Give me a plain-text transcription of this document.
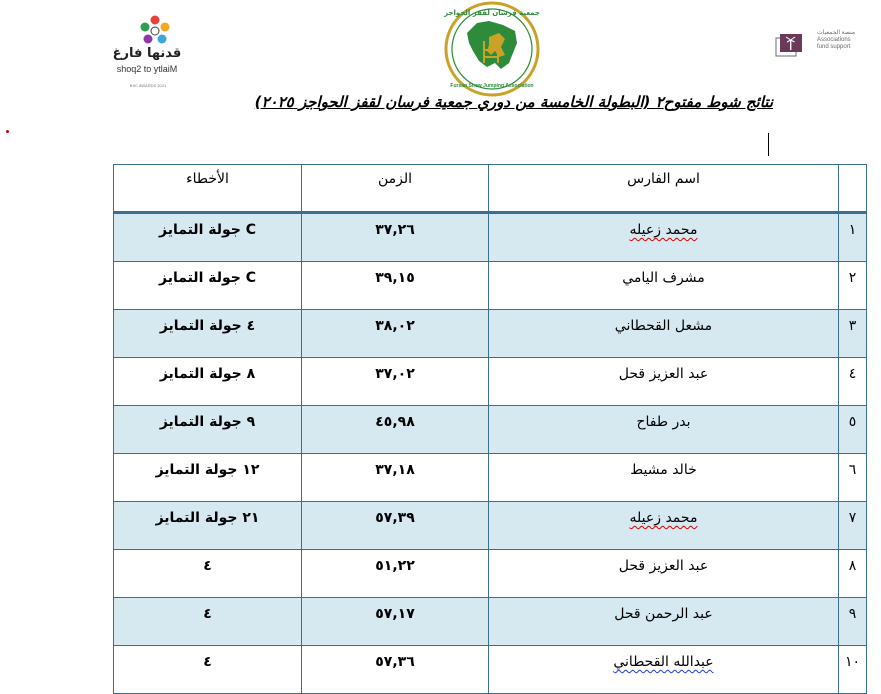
قدنها فارغ
shoq2 to ytlaiM
BSC AWARDS 2021
جمعية فرسان لقفز الحواجز
Fursan Show Jumping Association
منصة الجمعيات
Associations
fund support
نتائج شوط مفتوح٢ (البطولة الخامسة من دوري جمعية فرسان لقفز الحواجز ٢٠٢٥)
	اسم الفارس	الزمن	الأخطاء
١	محمد زعيله	٣٧,٢٦	C جولة التمايز
٢	مشرف اليامي	٣٩,١٥	C جولة التمايز
٣	مشعل القحطاني	٣٨,٠٢	٤ جولة التمايز
٤	عبد العزيز قحل	٣٧,٠٢	٨ جولة التمايز
٥	بدر طفاح	٤٥,٩٨	٩ جولة التمايز
٦	خالد مشيط	٣٧,١٨	١٢ جولة التمايز
٧	محمد زعيله	٥٧,٣٩	٢١ جولة التمايز
٨	عبد العزيز قحل	٥١,٢٢	٤
٩	عبد الرحمن قحل	٥٧,١٧	٤
١٠	عبدالله القحطاني	٥٧,٣٦	٤
